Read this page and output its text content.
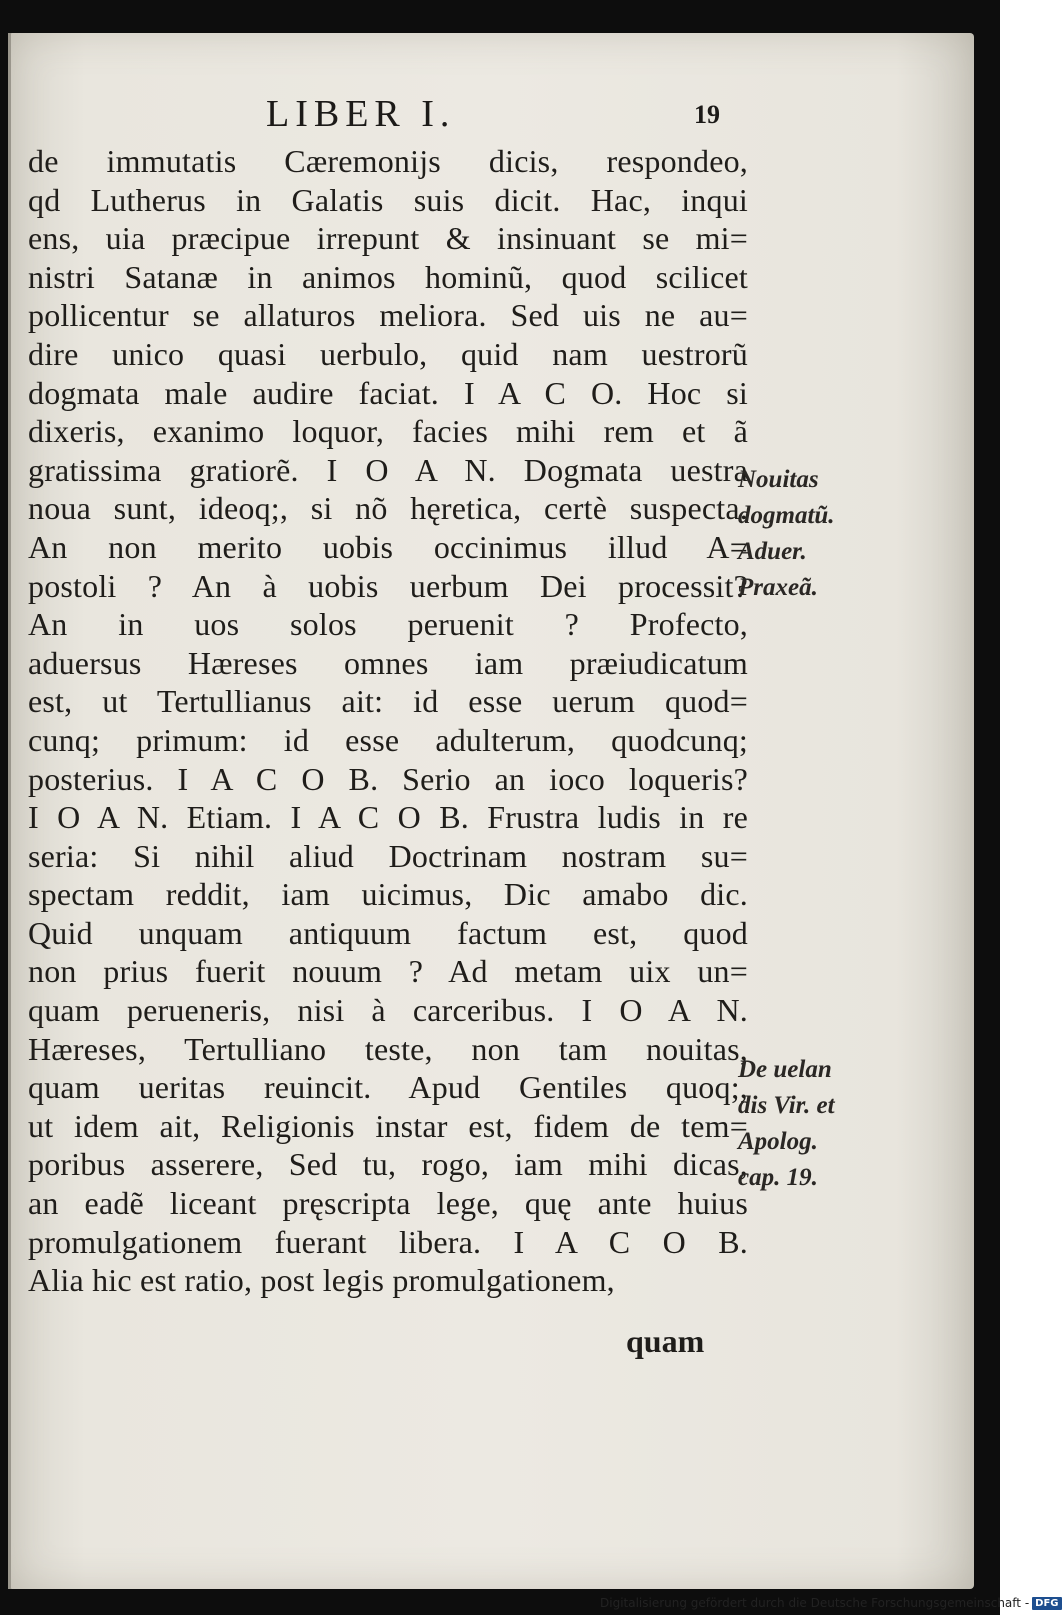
LIBER I.	19
de immutatis Cæremonijs dicis, respondeo,
qd Lutherus in Galatis suis dicit. Hac, inqui
ens, uia præcipue irrepunt & insinuant se mi=
nistri Satanæ in animos hominũ, quod scilicet
pollicentur se allaturos meliora. Sed uis ne au=
dire unico quasi uerbulo, quid nam uestrorũ
dogmata male audire faciat. I A C O. Hoc si
dixeris, exanimo loquor, facies mihi rem et ã
gratissima gratiorẽ. I O A N. Dogmata uestra
noua sunt, ideoq;, si nõ hęretica, certè suspecta.
An non merito uobis occinimus illud A=
postoli ? An à uobis uerbum Dei processit?
An in uos solos peruenit ? Profecto,
aduersus Hæreses omnes iam præiudicatum
est, ut Tertullianus ait: id esse uerum quod=
cunq; primum: id esse adulterum, quodcunq;
posterius. I A C O B. Serio an ioco loqueris?
I O A N. Etiam. I A C O B. Frustra ludis in re
seria: Si nihil aliud Doctrinam nostram su=
spectam reddit, iam uicimus, Dic amabo dic.
Quid unquam antiquum factum est, quod
non prius fuerit nouum ? Ad metam uix un=
quam perueneris, nisi à carceribus. I O A N.
Hæreses, Tertulliano teste, non tam nouitas,
quam ueritas reuincit. Apud Gentiles quoq;,
ut idem ait, Religionis instar est, fidem de tem=
poribus asserere, Sed tu, rogo, iam mihi dicas,
an eadẽ liceant pręscripta lege, quę ante huius
promulgationem fuerant libera. I A C O B.
Alia hic est ratio, post legis promulgationem,
quam
Nouitas
dogmatũ.
Aduer.
Praxeã.
De uelan
dis Vir. et
Apolog.
cap. 19.
Digitalisierung gefördert durch die Deutsche Forschungsgemeinschaft - DFG
